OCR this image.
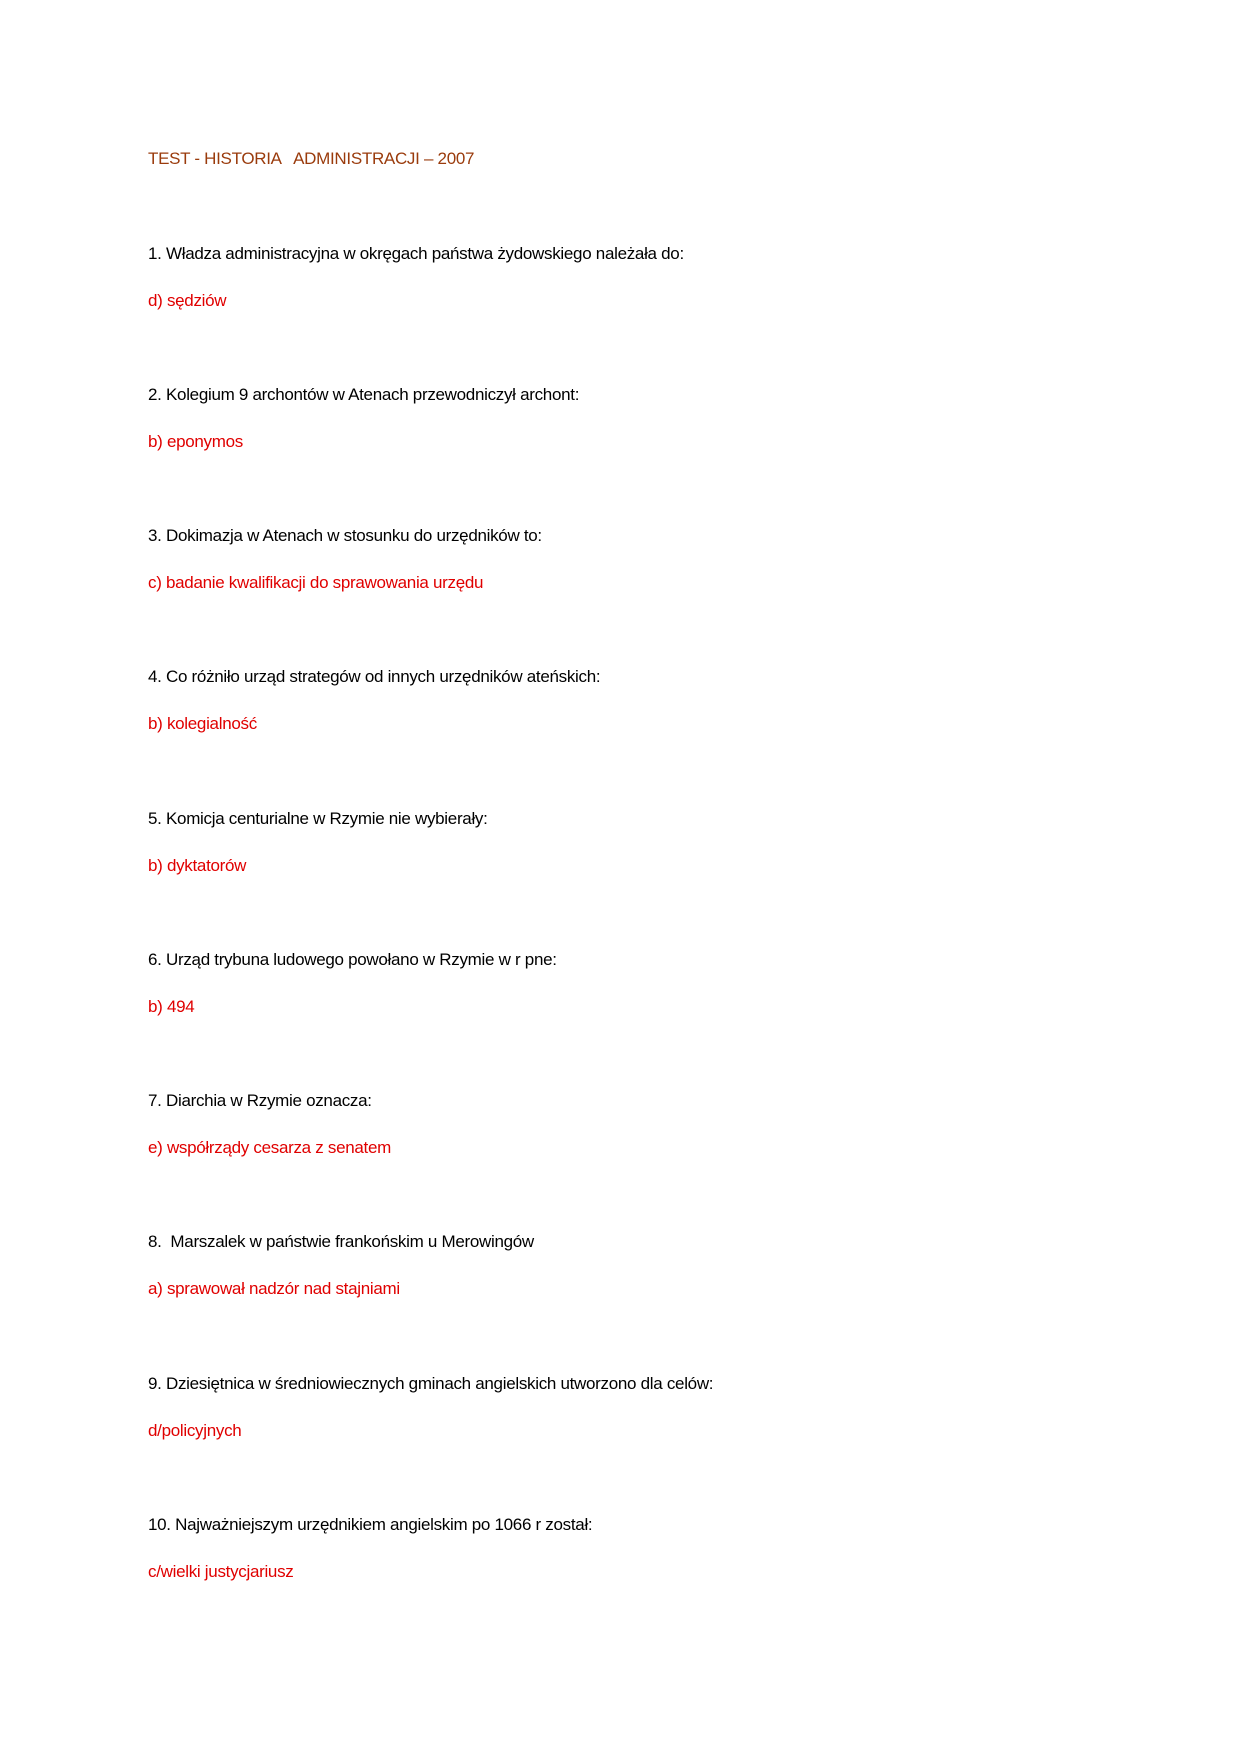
TEST - HISTORIA   ADMINISTRACJI – 2007
1. Władza administracyjna w okręgach państwa żydowskiego należała do:
d) sędziów
2. Kolegium 9 archontów w Atenach przewodniczył archont:
b) eponymos
3. Dokimazja w Atenach w stosunku do urzędników to:
c) badanie kwalifikacji do sprawowania urzędu
4. Co różniło urząd strategów od innych urzędników ateńskich:
b) kolegialność
5. Komicja centurialne w Rzymie nie wybierały:
b) dyktatorów
6. Urząd trybuna ludowego powołano w Rzymie w r pne:
b) 494
7. Diarchia w Rzymie oznacza:
e) współrządy cesarza z senatem
8.  Marszalek w państwie frankońskim u Merowingów
a) sprawował nadzór nad stajniami
9. Dziesiętnica w średniowiecznych gminach angielskich utworzono dla celów:
d/policyjnych
10. Najważniejszym urzędnikiem angielskim po 1066 r został:
c/wielki justycjariusz
